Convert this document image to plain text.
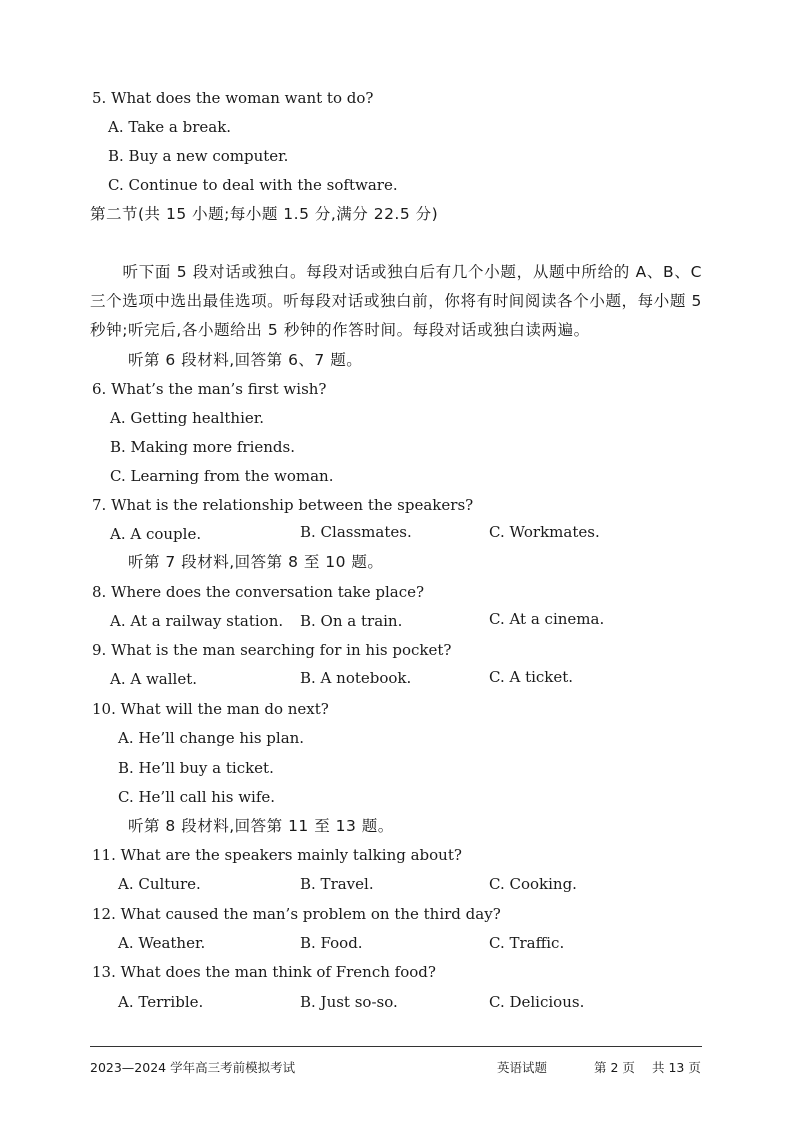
5. What does the woman want to do?
A. Take a break.
B. Buy a new computer.
C. Continue to deal with the software.
第二节(共 15 小题;每小题 1.5 分,满分 22.5 分)
听下面 5 段对话或独白。每段对话或独白后有几个小题，从题中所给的 A、B、C 三个选项中选出最佳选项。听每段对话或独白前，你将有时间阅读各个小题，每小题 5 秒钟;听完后,各小题给出 5 秒钟的作答时间。每段对话或独白读两遍。
听第 6 段材料,回答第 6、7 题。
6. What’s the man’s first wish?
A. Getting healthier.
B. Making more friends.
C. Learning from the woman.
7. What is the relationship between the speakers?
A. A couple.	B. Classmates.	C. Workmates.
听第 7 段材料,回答第 8 至 10 题。
8. Where does the conversation take place?
A. At a railway station. B. On a train.	C. At a cinema.
9. What is the man searching for in his pocket?
A. A wallet.	B. A notebook.	C. A ticket.
10. What will the man do next?
A. He’ll change his plan.
B. He’ll buy a ticket.
C. He’ll call his wife.
听第 8 段材料,回答第 11 至 13 题。
11. What are the speakers mainly talking about?
A. Culture.	B. Travel.	C. Cooking.
12. What caused the man’s problem on the third day?
A. Weather.	B. Food.	C. Traffic.
13. What does the man think of French food?
A. Terrible.	B. Just so-so.	C. Delicious.
2023—2024 学年高三考前模拟考试	英语试题	第 2 页 共 13 页
